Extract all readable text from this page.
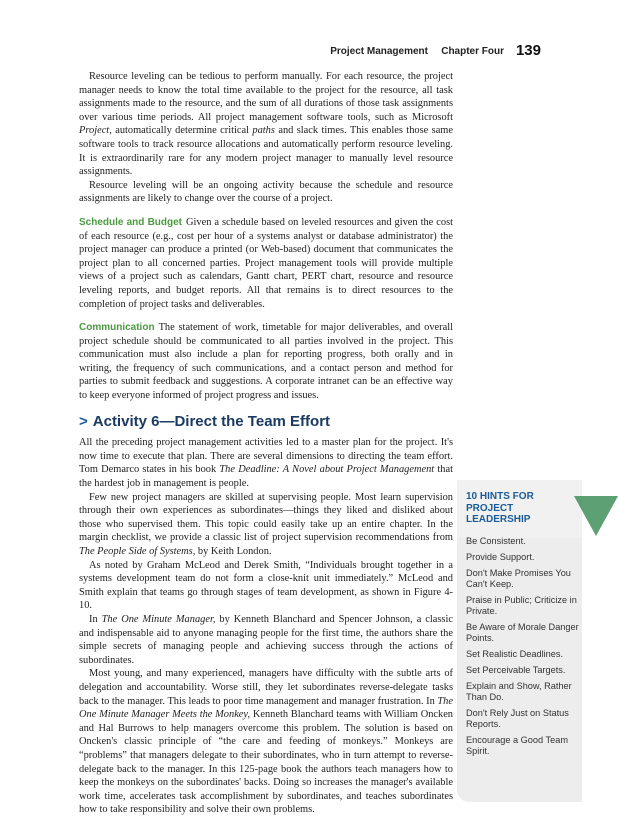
Project Management Chapter Four 139

Resource leveling can be tedious to perform manually. For each resource, the project manager needs to know the total time available to the project for the resource, all task assignments made to the resource, and the sum of all durations of those task assignments over various time periods. All project management software tools, such as Microsoft Project, automatically determine critical paths and slack times. This enables those same software tools to track resource allocations and automatically perform resource leveling. It is extraordinarily rare for any modern project manager to manually level resource assignments.

Resource leveling will be an ongoing activity because the schedule and resource assignments are likely to change over the course of a project.

Schedule and Budget Given a schedule based on leveled resources and given the cost of each resource (e.g., cost per hour of a systems analyst or database administrator) the project manager can produce a printed (or Web-based) document that communicates the project plan to all concerned parties. Project management tools will provide multiple views of a project such as calendars, Gantt chart, PERT chart, resource and resource leveling reports, and budget reports. All that remains is to direct resources to the completion of project tasks and deliverables.

Communication The statement of work, timetable for major deliverables, and overall project schedule should be communicated to all parties involved in the project. This communication must also include a plan for reporting progress, both orally and in writing, the frequency of such communications, and a contact person and method for parties to submit feedback and suggestions. A corporate intranet can be an effective way to keep everyone informed of project progress and issues.

> Activity 6—Direct the Team Effort

All the preceding project management activities led to a master plan for the project. It's now time to execute that plan. There are several dimensions to directing the team effort. Tom Demarco states in his book The Deadline: A Novel about Project Management that the hardest job in management is people.

Few new project managers are skilled at supervising people. Most learn supervision through their own experiences as subordinates—things they liked and disliked about those who supervised them. This topic could easily take up an entire chapter. In the margin checklist, we provide a classic list of project supervision recommendations from The People Side of Systems, by Keith London.

As noted by Graham McLeod and Derek Smith, “Individuals brought together in a systems development team do not form a close-knit unit immediately.” McLeod and Smith explain that teams go through stages of team development, as shown in Figure 4-10.

In The One Minute Manager, by Kenneth Blanchard and Spencer Johnson, a classic and indispensable aid to anyone managing people for the first time, the authors share the simple secrets of managing people and achieving success through the actions of subordinates.

Most young, and many experienced, managers have difficulty with the subtle arts of delegation and accountability. Worse still, they let subordinates reverse-delegate tasks back to the manager. This leads to poor time management and manager frustration. In The One Minute Manager Meets the Monkey, Kenneth Blanchard teams with William Oncken and Hal Burrows to help managers overcome this problem. The solution is based on Oncken's classic principle of “the care and feeding of monkeys.” Monkeys are “problems” that managers delegate to their subordinates, who in turn attempt to reverse-delegate back to the manager. In this 125-page book the authors teach managers how to keep the monkeys on the subordinates' backs. Doing so increases the manager's available work time, accelerates task accomplishment by subordinates, and teaches subordinates how to take responsibility and solve their own problems.

10 HINTS FOR PROJECT LEADERSHIP
Be Consistent.
Provide Support.
Don't Make Promises You Can't Keep.
Praise in Public; Criticize in Private.
Be Aware of Morale Danger Points.
Set Realistic Deadlines.
Set Perceivable Targets.
Explain and Show, Rather Than Do.
Don't Rely Just on Status Reports.
Encourage a Good Team Spirit.
